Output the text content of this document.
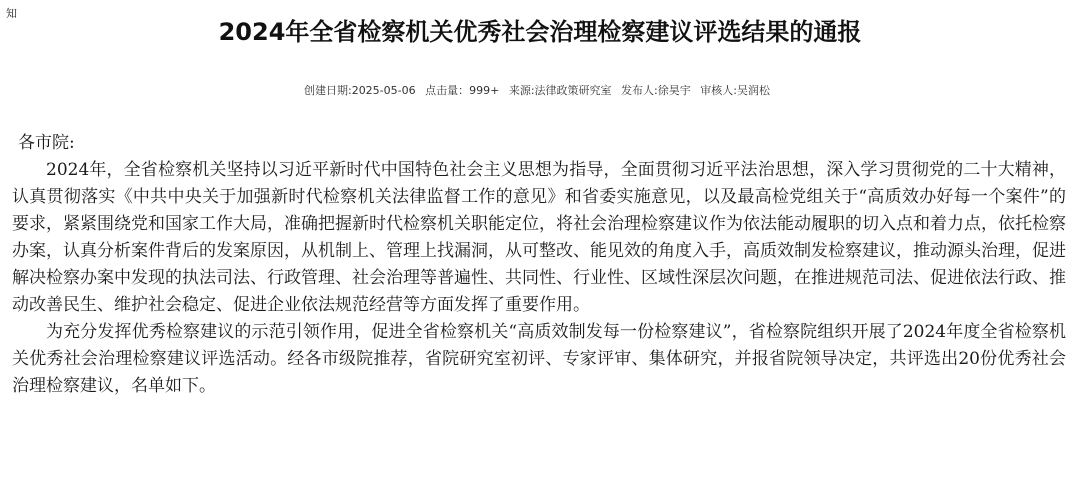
知
2024年全省检察机关优秀社会治理检察建议评选结果的通报
创建日期:2025-05-06 点击量：999+ 来源:法律政策研究室 发布人:徐昊宇 审核人:吴润松

各市院:

2024年，全省检察机关坚持以习近平新时代中国特色社会主义思想为指导，全面贯彻习近平法治思想，深入学习贯彻党的二十大精神，认真贯彻落实《中共中央关于加强新时代检察机关法律监督工作的意见》和省委实施意见，以及最高检党组关于“高质效办好每一个案件”的要求，紧紧围绕党和国家工作大局，准确把握新时代检察机关职能定位，将社会治理检察建议作为依法能动履职的切入点和着力点，依托检察办案，认真分析案件背后的发案原因，从机制上、管理上找漏洞，从可整改、能见效的角度入手，高质效制发检察建议，推动源头治理，促进解决检察办案中发现的执法司法、行政管理、社会治理等普遍性、共同性、行业性、区域性深层次问题，在推进规范司法、促进依法行政、推动改善民生、维护社会稳定、促进企业依法规范经营等方面发挥了重要作用。

为充分发挥优秀检察建议的示范引领作用，促进全省检察机关“高质效制发每一份检察建议”，省检察院组织开展了2024年度全省检察机关优秀社会治理检察建议评选活动。经各市级院推荐，省院研究室初评、专家评审、集体研究，并报省院领导决定，共评选出20份优秀社会治理检察建议，名单如下。
